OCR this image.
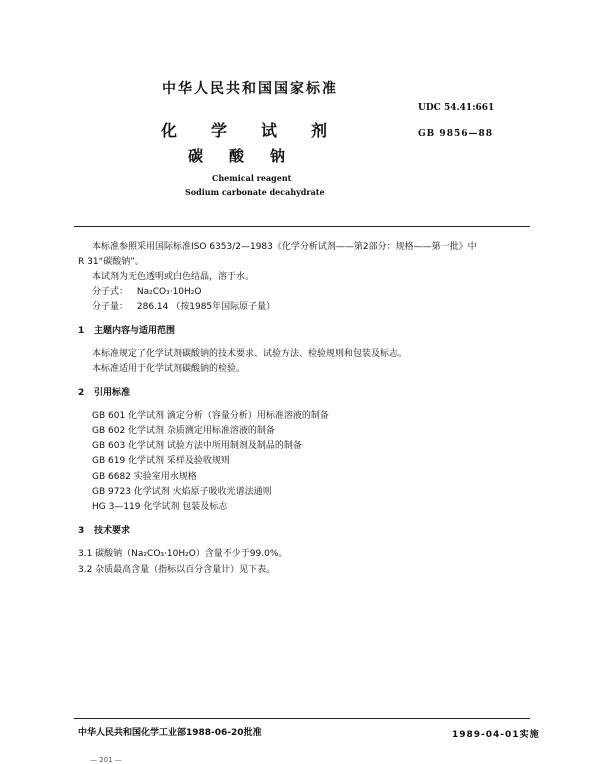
中华人民共和国国家标准
UDC 54.41:661
GB 9856—88
化学试剂
碳酸钠
Chemical reagent
Sodium carbonate decahydrate
本标准参照采用国际标准ISO 6353/2—1983《化学分析试剂——第2部分：规格——第一批》中
R 31“碳酸钠”。
本试剂为无色透明或白色结晶，溶于水。
分子式： Na₂CO₃·10H₂O
分子量： 286.14 （按1985年国际原子量）
1 主题内容与适用范围
本标准规定了化学试剂碳酸钠的技术要求、试验方法、检验规则和包装及标志。
本标准适用于化学试剂碳酸钠的检验。
2 引用标准
GB 601 化学试剂 滴定分析（容量分析）用标准溶液的制备
GB 602 化学试剂 杂质测定用标准溶液的制备
GB 603 化学试剂 试验方法中所用制剂及制品的制备
GB 619 化学试剂 采样及验收规则
GB 6682 实验室用水规格
GB 9723 化学试剂 火焰原子吸收光谱法通则
HG 3—119 化学试剂 包装及标志
3 技术要求
3.1 碳酸钠（Na₂CO₃·10H₂O）含量不少于99.0%。
3.2 杂质最高含量（指标以百分含量计）见下表。
中华人民共和国化学工业部1988-06-20批准	1989-04-01实施
— 201 —
